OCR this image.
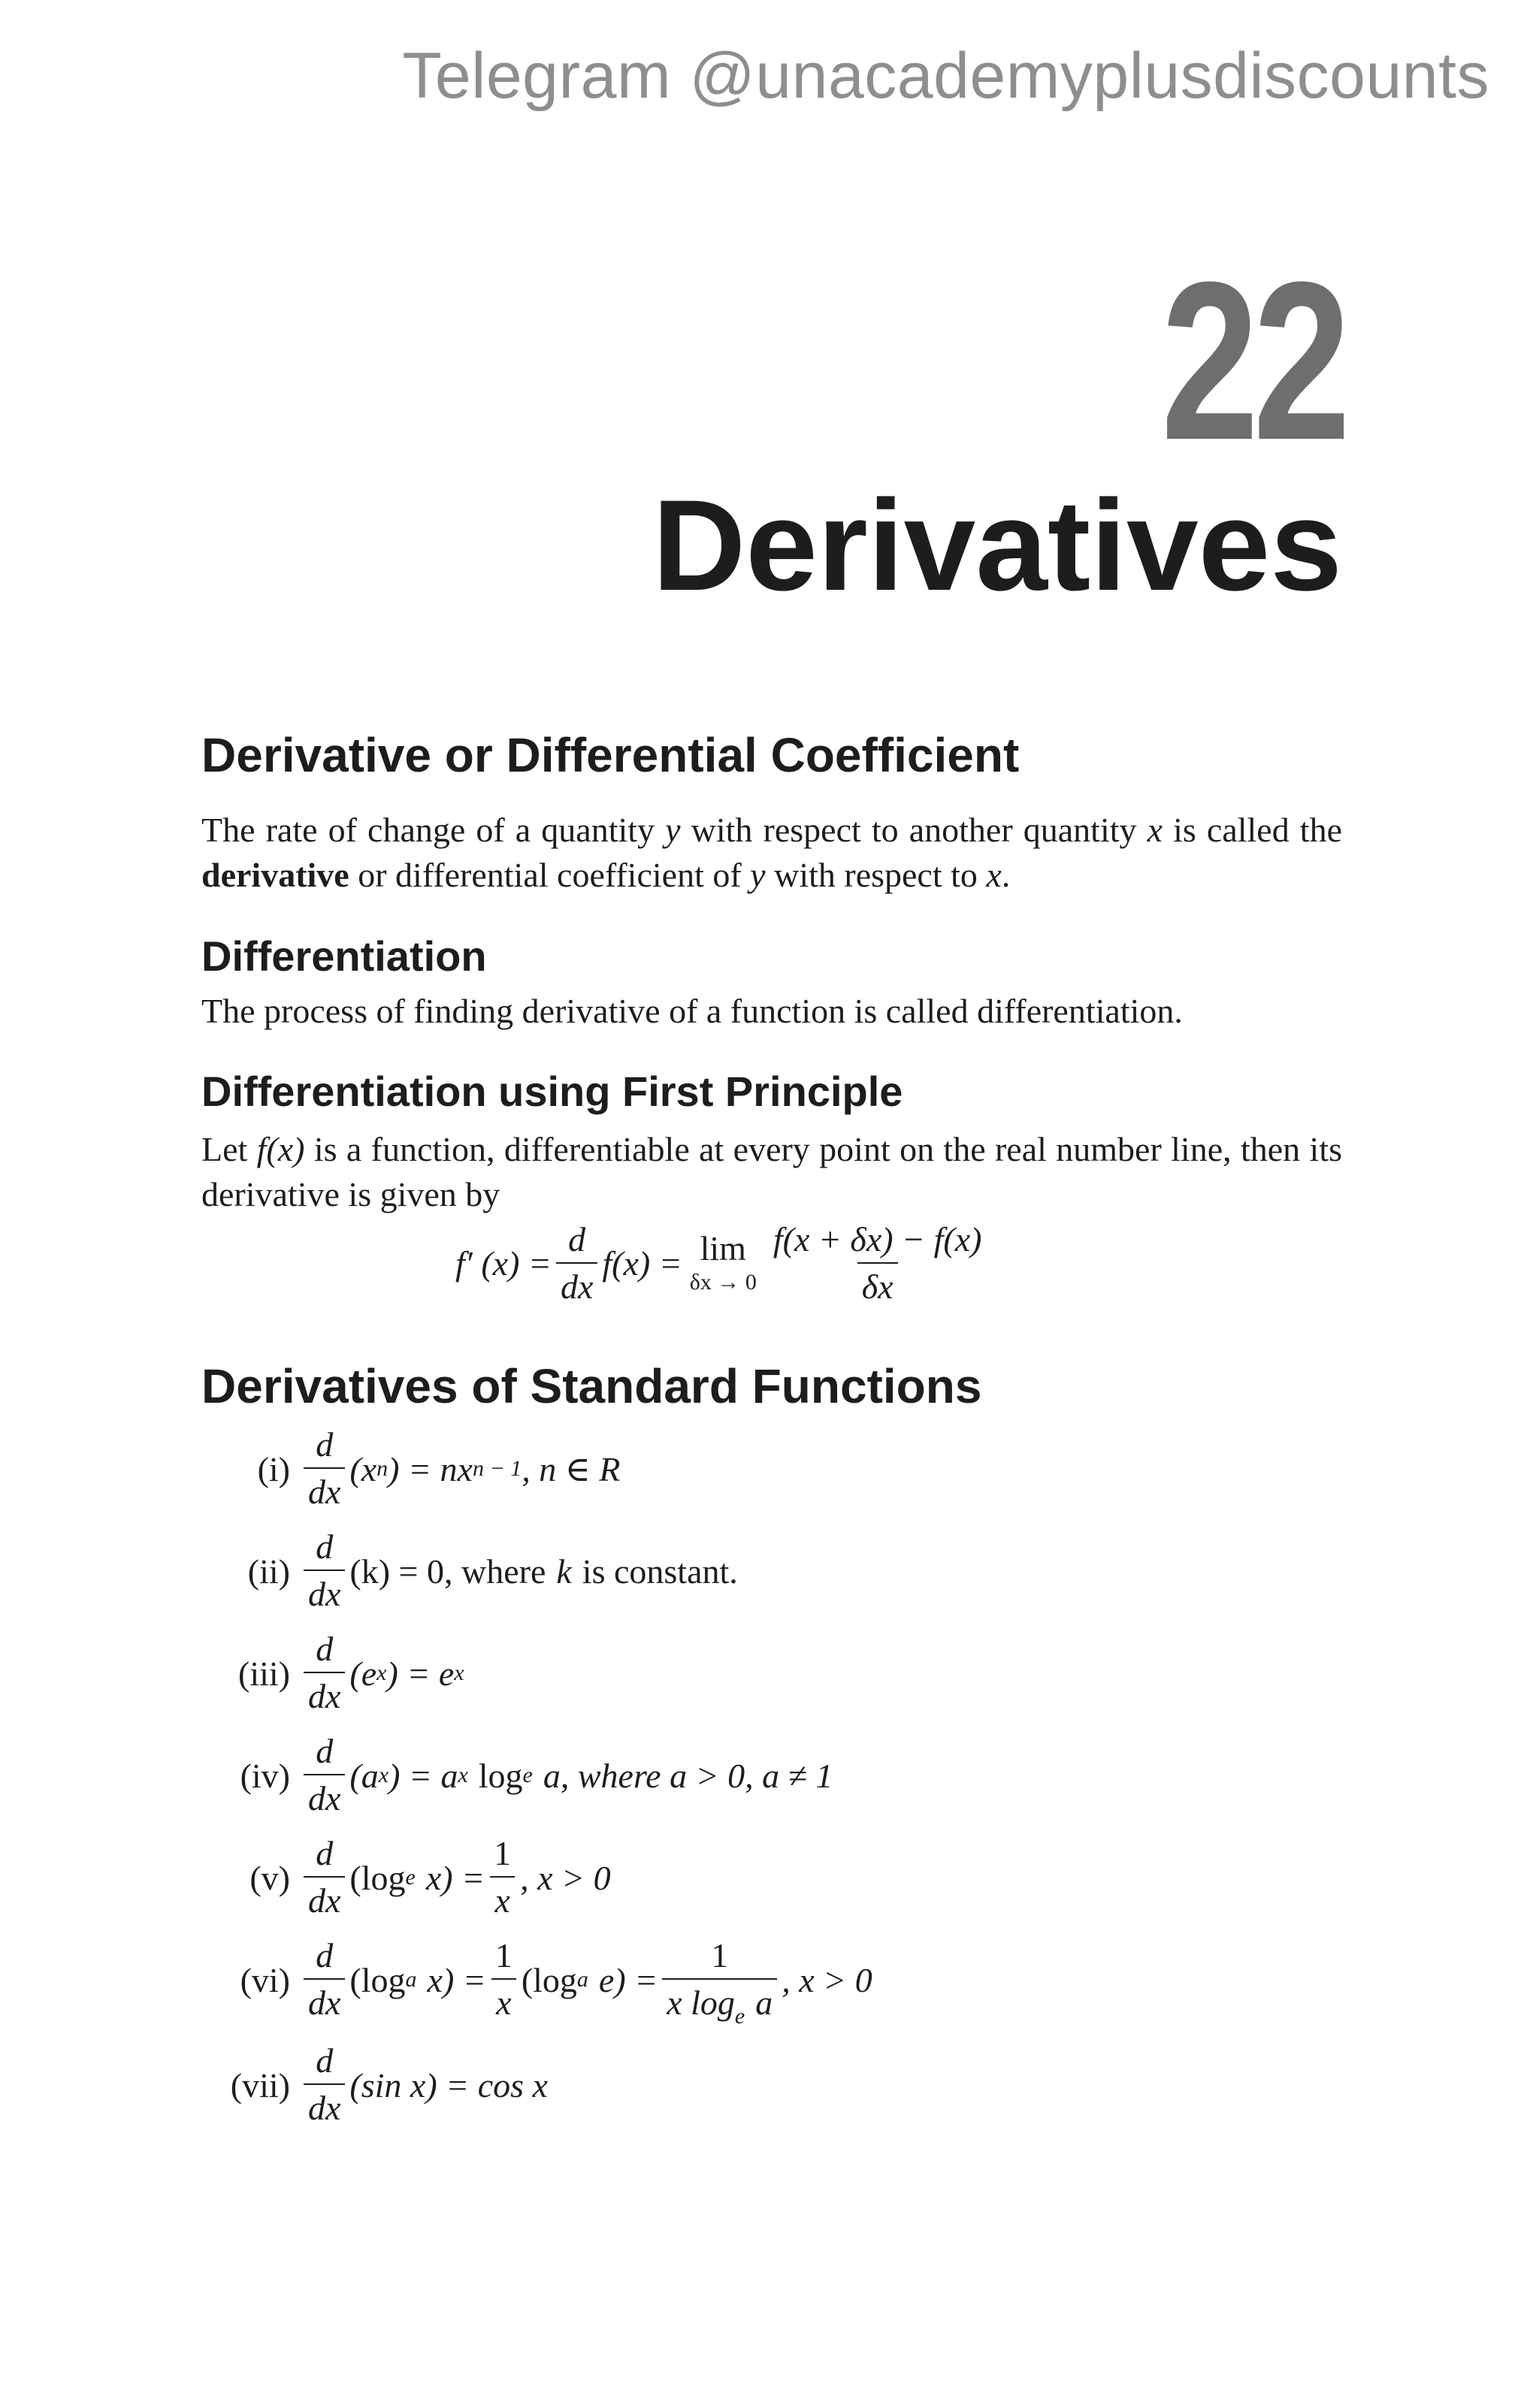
Telegram @unacademyplusdiscounts
22
Derivatives
Derivative or Differential Coefficient

The rate of change of a quantity y with respect to another quantity x is called the derivative or differential coefficient of y with respect to x.

Differentiation

The process of finding derivative of a function is called differentiation.

Differentiation using First Principle

Let f(x) is a function, differentiable at every point on the real number line, then its derivative is given by

f′ $(x) = \frac{d}{dx} f(x) = \lim$
$\delta x \to 0 \frac{f(x + \delta x) - f(x)}{\delta x}$
Derivatives of Standard Functions
$(i) \frac{d}{dx} (x$ n ) = nx n − 1 , n ∈ R
$(ii) \frac{d}{dx} (k) = 0$, where k is constant.
$(iii) \frac{d}{dx} (e$ x ) = e x
$(iv) \frac{d}{dx} (a$ x ) = a x log e a, where a > 0, a ≠ 1
$(v) \frac{d}{dx} (\log$ e $x) = \frac{1}{x}$ , x > 0
$(vi) \frac{d}{dx} (\log$ a $x) = \frac{1}{x} (\log$ a $e) = \frac{1}{x \log_e a}$ , x > 0
$(vii) \frac{d}{dx} (\sin$ x) = cos x
